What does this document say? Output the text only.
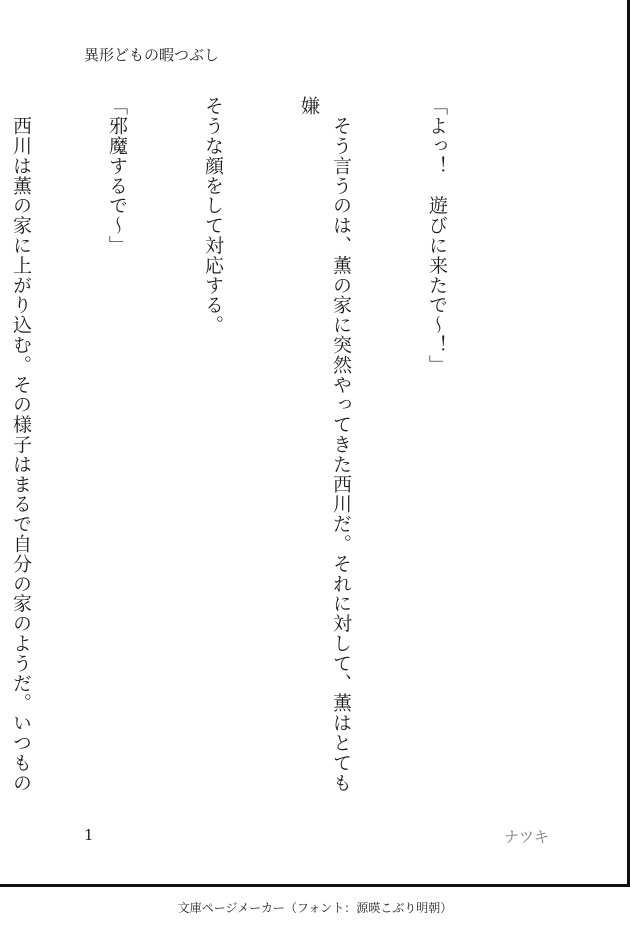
異形どもの暇つぶし

「よっ！　遊びに来たで〜！」

　そう言うのは、薫の家に突然やってきた西川だ。それに対して、薫はとても嫌

そうな顔をして対応する。

「邪魔するで〜」

　西川は薫の家に上がり込む。その様子はまるで自分の家のようだ。いつもの

1	ナツキ
文庫ページメーカー（フォント：源暎こぶり明朝）
